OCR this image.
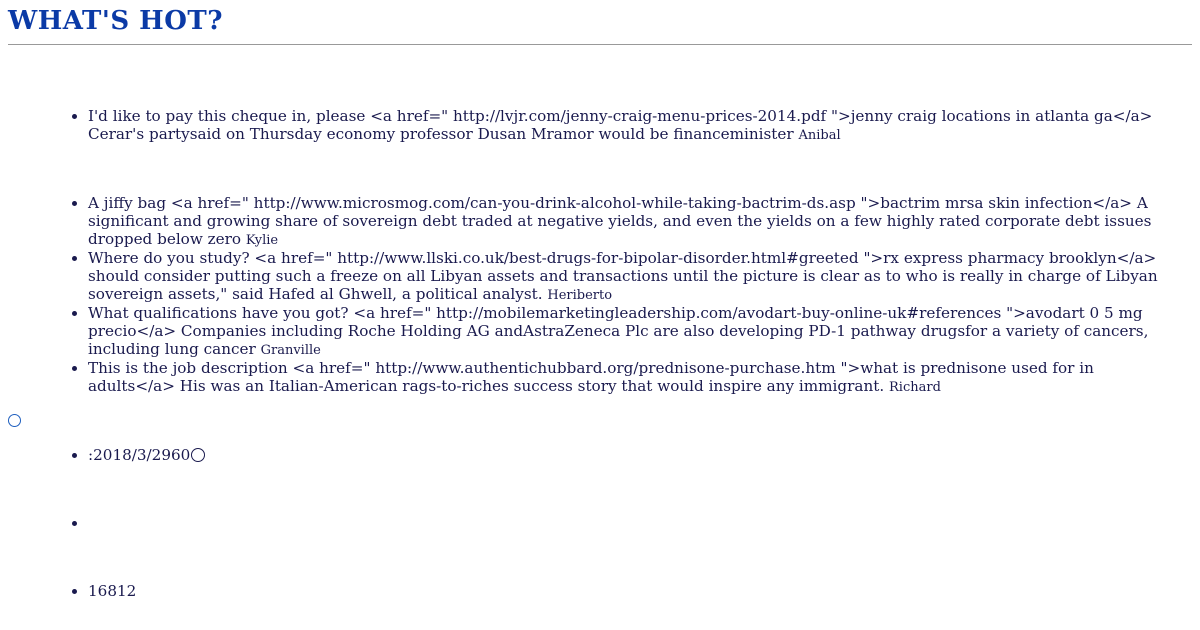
WHAT'S HOT?
I'd like to pay this cheque in, please <a href=" http://lvjr.com/jenny-craig-menu-prices-2014.pdf ">jenny craig locations in atlanta ga</a> Cerar's partysaid on Thursday economy professor Dusan Mramor would be financeminister Anibal
A jiffy bag <a href=" http://www.microsmog.com/can-you-drink-alcohol-while-taking-bactrim-ds.asp ">bactrim mrsa skin infection</a> A significant and growing share of sovereign debt traded at negative yields, and even the yields on a few highly rated corporate debt issues dropped below zero Kylie
Where do you study? <a href=" http://www.llski.co.uk/best-drugs-for-bipolar-disorder.html#greeted ">rx express pharmacy brooklyn</a> should consider putting such a freeze on all Libyan assets and transactions until the picture is clear as to who is really in charge of Libyan sovereign assets," said Hafed al Ghwell, a political analyst. Heriberto
What qualifications have you got? <a href=" http://mobilemarketingleadership.com/avodart-buy-online-uk#references ">avodart 0 5 mg precio</a> Companies including Roche Holding AG andAstraZeneca Plc are also developing PD-1 pathway drugsfor a variety of cancers, including lung cancer Granville
This is the job description <a href=" http://www.authentichubbard.org/prednisone-purchase.htm ">what is prednisone used for in adults</a> His was an Italian-American rags-to-riches success story that would inspire any immigrant. Richard
:2018/3/2960
16812
